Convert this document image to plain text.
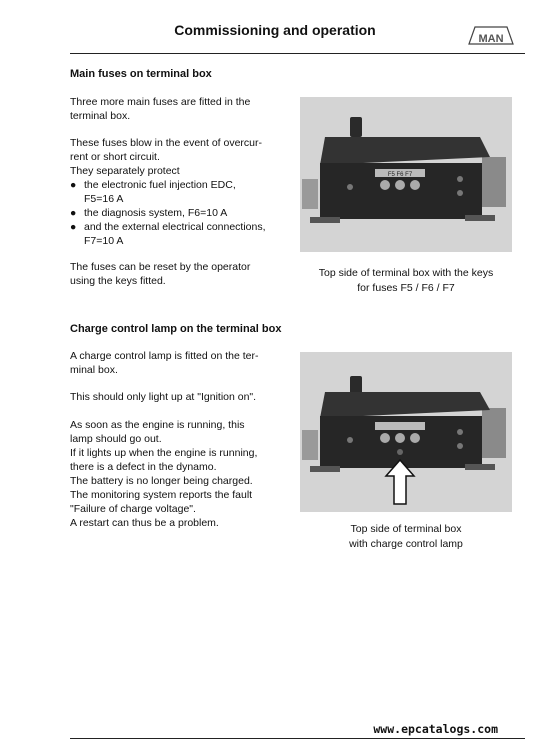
Commissioning and operation
MAN
Main fuses on terminal box
Three more main fuses are fitted in the
terminal box.
These fuses blow in the event of overcur-
rent or short circuit.
They separately protect
● the electronic fuel injection EDC,
F5=16 A
● the diagnosis system, F6=10 A
● and the external electrical connections,
F7=10 A
The fuses can be reset by the operator
using the keys fitted.
F5 F6 F7
Top side of terminal box with the keys
for fuses F5 / F6 / F7
Charge control lamp on the terminal box
A charge control lamp is fitted on the ter-
minal box.
This should only light up at "Ignition on".
As soon as the engine is running, this
lamp should go out.
If it lights up when the engine is running,
there is a defect in the dynamo.
The battery is no longer being charged.
The monitoring system reports the fault
"Failure of charge voltage".
A restart can thus be a problem.	Top side of terminal box
with charge control lamp
www.epcatalogs.com
